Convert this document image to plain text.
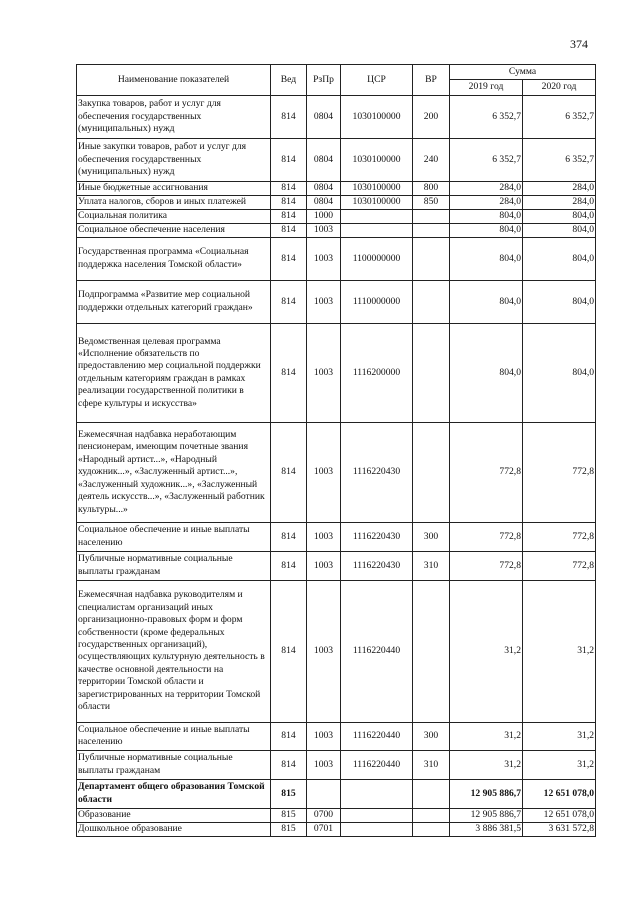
374
Наименование показателей	Вед	РзПр	ЦСР	ВР	Сумма	
					2019 год	2020 год
Закупка товаров, работ и услуг для обеспечения государственных (муниципальных) нужд	814	0804	1030100000	200	6 352,7	6 352,7
Иные закупки товаров, работ и услуг для обеспечения государственных (муниципальных) нужд	814	0804	1030100000	240	6 352,7	6 352,7
Иные бюджетные ассигнования	814	0804	1030100000	800	284,0	284,0
Уплата налогов, сборов и иных платежей	814	0804	1030100000	850	284,0	284,0
Социальная политика	814	1000			804,0	804,0
Социальное обеспечение населения	814	1003			804,0	804,0
Государственная программа «Социальная поддержка населения Томской области»	814	1003	1100000000		804,0	804,0
Подпрограмма «Развитие мер социальной поддержки отдельных категорий граждан»	814	1003	1110000000		804,0	804,0
Ведомственная целевая программа «Исполнение обязательств по предоставлению мер социальной поддержки отдельным категориям граждан в рамках реализации государственной политики в сфере культуры и искусства»	814	1003	1116200000		804,0	804,0
Ежемесячная надбавка неработающим пенсионерам, имеющим почетные звания «Народный артист...», «Народный художник...», «Заслуженный артист...», «Заслуженный художник...», «Заслуженный деятель искусств...», «Заслуженный работник культуры...»	814	1003	1116220430		772,8	772,8
Социальное обеспечение и иные выплаты населению	814	1003	1116220430	300	772,8	772,8
Публичные нормативные социальные выплаты гражданам	814	1003	1116220430	310	772,8	772,8
Ежемесячная надбавка руководителям и специалистам организаций иных организационно-правовых форм и форм собственности (кроме федеральных государственных организаций), осуществляющих культурную деятельность в качестве основной деятельности на территории Томской области и зарегистрированных на территории Томской области	814	1003	1116220440		31,2	31,2
Социальное обеспечение и иные выплаты населению	814	1003	1116220440	300	31,2	31,2
Публичные нормативные социальные выплаты гражданам	814	1003	1116220440	310	31,2	31,2
Департамент общего образования Томской области	815				12 905 886,7	12 651 078,0
Образование	815	0700			12 905 886,7	12 651 078,0
Дошкольное образование	815	0701			3 886 381,5	3 631 572,8
